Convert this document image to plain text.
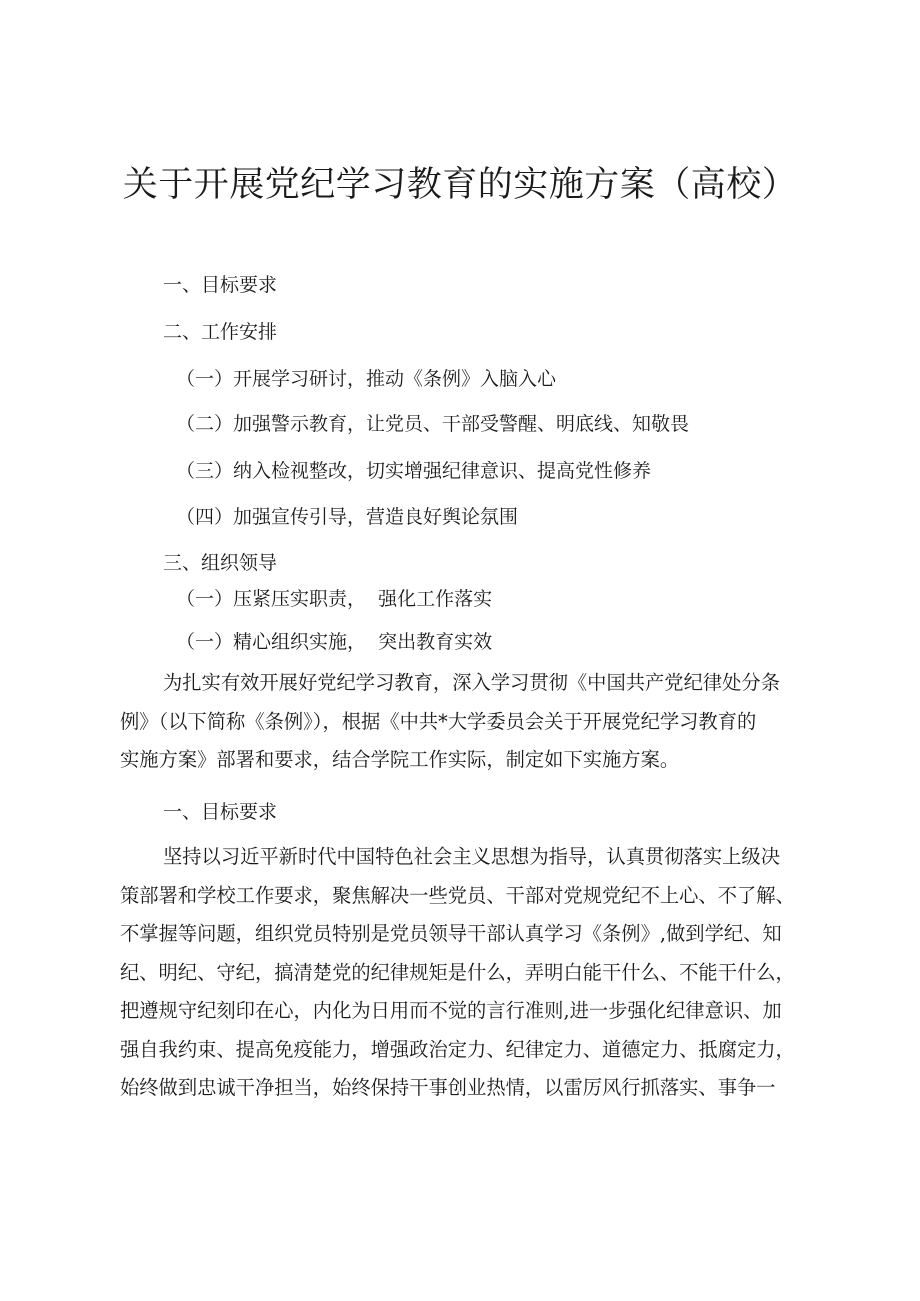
关于开展党纪学习教育的实施方案（高校）

一、目标要求

二、工作安排

（一）开展学习研讨，推动《条例》入脑入心

（二）加强警示教育，让党员、干部受警醒、明底线、知敬畏

（三）纳入检视整改，切实增强纪律意识、提高党性修养

（四）加强宣传引导，营造良好舆论氛围

三、组织领导

（一）压紧压实职责，  强化工作落实

（一）精心组织实施，  突出教育实效

为扎实有效开展好党纪学习教育，深入学习贯彻《中国共产党纪律处分条
例》（以下简称《条例》），根据《中共*大学委员会关于开展党纪学习教育的
实施方案》部署和要求，结合学院工作实际，制定如下实施方案。

一、目标要求

坚持以习近平新时代中国特色社会主义思想为指导，认真贯彻落实上级决
策部署和学校工作要求，聚焦解决一些党员、干部对党规党纪不上心、不了解、
不掌握等问题，组织党员特别是党员领导干部认真学习《条例》,做到学纪、知
纪、明纪、守纪，搞清楚党的纪律规矩是什么，弄明白能干什么、不能干什么，
把遵规守纪刻印在心，内化为日用而不觉的言行准则,进一步强化纪律意识、加
强自我约束、提高免疫能力，增强政治定力、纪律定力、道德定力、抵腐定力，
始终做到忠诚干净担当，始终保持干事创业热情，以雷厉风行抓落实、事争一
